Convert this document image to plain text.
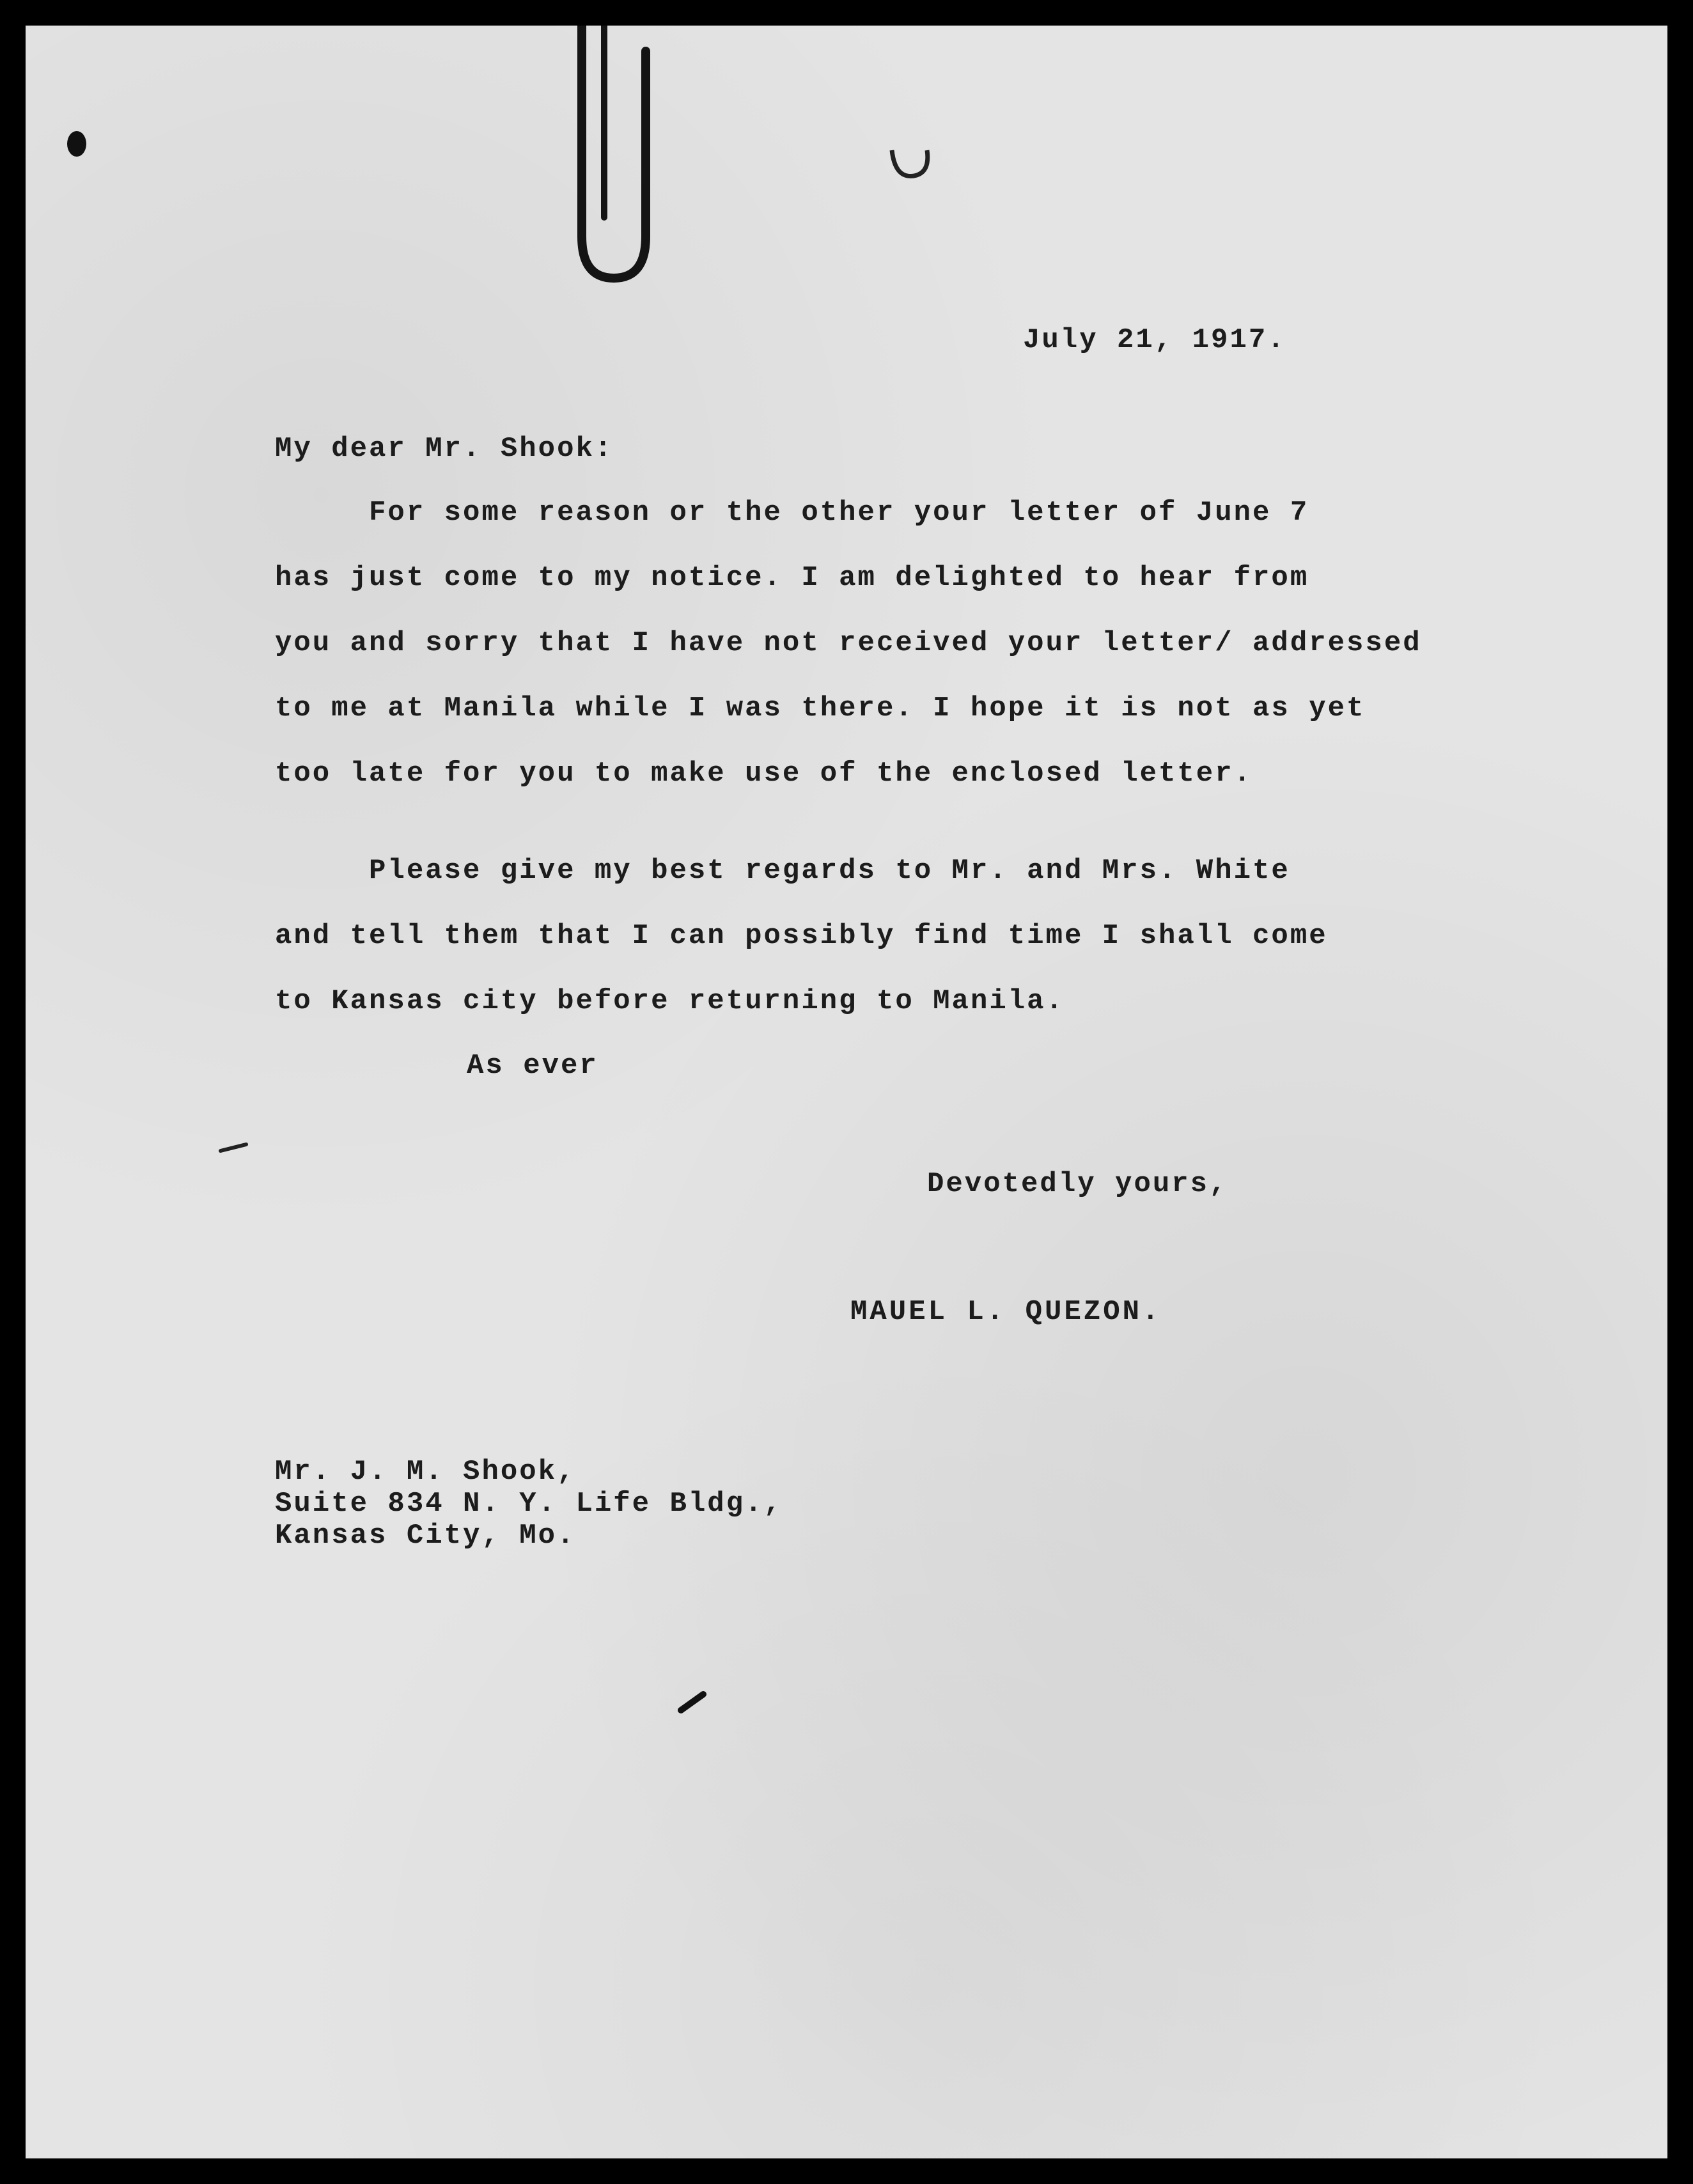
July 21, 1917.
My dear Mr. Shook:
For some reason or the other your letter of June 7
has just come to my notice. I am delighted to hear from
you and sorry that I have not received your letter/ addressed
to me at Manila while I was there. I hope it is not as yet
too late for you to make use of the enclosed letter.
Please give my best regards to Mr. and Mrs. White
and tell them that I can possibly find time I shall come
to Kansas city before returning to Manila.
As ever
Devotedly yours,
MAUEL L. QUEZON.
Mr. J. M. Shook,
Suite 834 N. Y. Life Bldg.,
Kansas City, Mo.
